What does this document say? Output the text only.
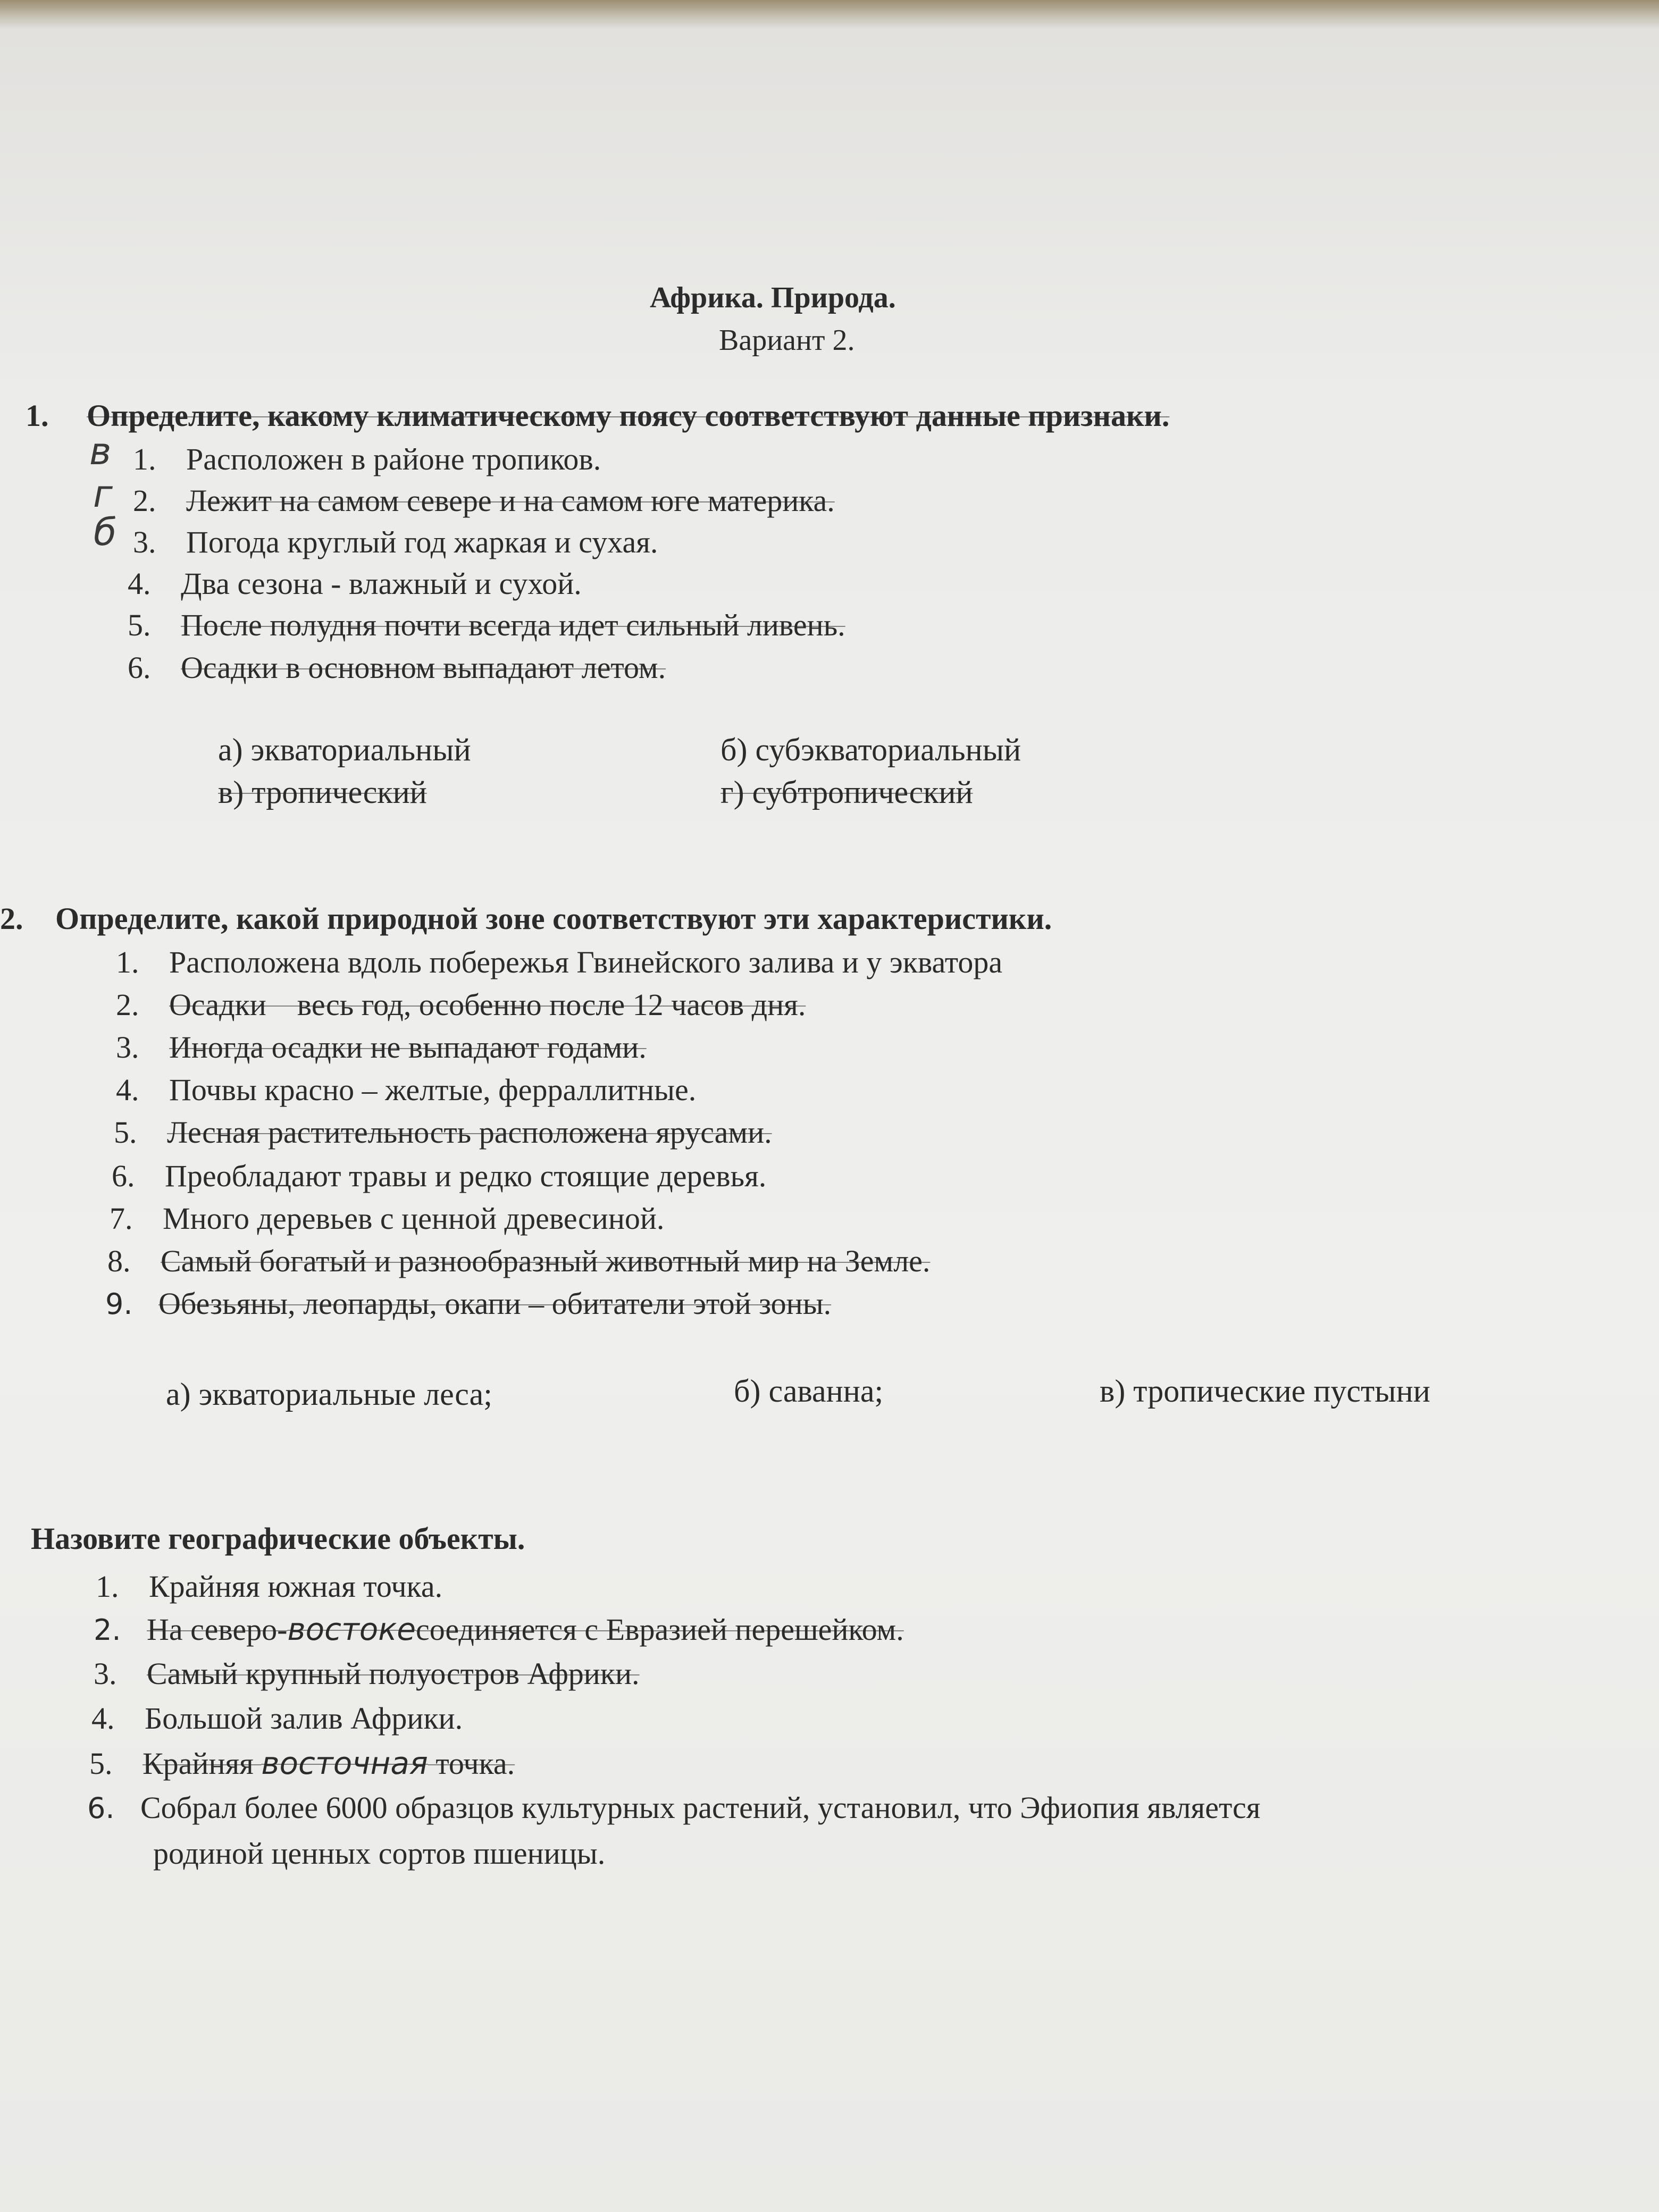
Африка. Природа.
Вариант 2.
1. Определите, какому климатическому поясу соответствуют данные признаки.
в
г
б
1. Расположен в районе тропиков.
2. Лежит на самом севере и на самом юге материка.
3. Погода круглый год жаркая и сухая.
4. Два сезона - влажный и сухой.
5. После полудня почти всегда идет сильный ливень.
6. Осадки в основном выпадают летом.
а) экваториальный	б) субэкваториальный
в) тропический	г) субтропический
2. Определите, какой природной зоне соответствуют эти характеристики.
1. Расположена вдоль побережья Гвинейского залива и у экватора
2. Осадки    весь год, особенно после 12 часов дня.
3. Иногда осадки не выпадают годами.
4. Почвы красно – желтые, ферраллитные.
5. Лесная растительность расположена ярусами.
6. Преобладают травы и редко стоящие деревья.
7. Много деревьев с ценной древесиной.
8. Самый богатый и разнообразный животный мир на Земле.
9. Обезьяны, леопарды, окапи – обитатели этой зоны.
а) экваториальные леса;	б) саванна;	в) тропические пустыни
Назовите географические объекты.
1. Крайняя южная точка.
2. На северо-востокесоединяется с Евразией перешейком.
3. Самый крупный полуостров Африки.
4. Большой залив Африки.
5. Крайняя восточная точка.
6. Собрал более 6000 образцов культурных растений, установил, что Эфиопия является
родиной ценных сортов пшеницы.
